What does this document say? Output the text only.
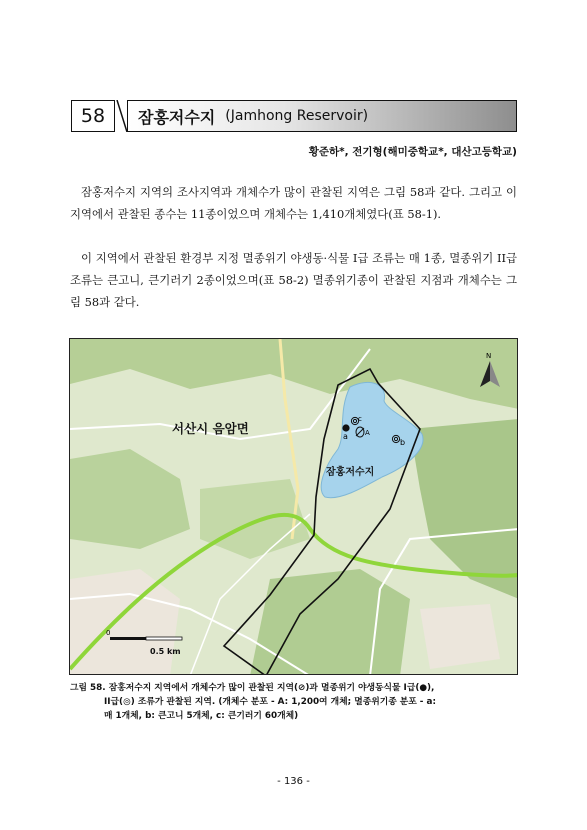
58 잠홍저수지 (Jamhong Reservoir)
황준하*, 전기형(해미중학교*, 대산고등학교)

잠홍저수지 지역의 조사지역과 개체수가 많이 관찰된 지역은 그림 58과 같다. 그리고 이 지역에서 관찰된 종수는 11종이었으며 개체수는 1,410개체였다(표 58-1).

이 지역에서 관찰된 환경부 지정 멸종위기 야생동·식물 I급 조류는 매 1종, 멸종위기 II급 조류는 큰고니, 큰기러기 2종이었으며(표 58-2) 멸종위기종이 관찰된 지점과 개체수는 그림 58과 같다.

a
c
A
b
N
0
서산시 음암면
잠홍저수지
0.5 km
그림 58. 잠홍저수지 지역에서 개체수가 많이 관찰된 지역(⊘)과 멸종위기 야생동식물 I급(●),
II급(◎) 조류가 관찰된 지역. (개체수 분포 - A: 1,200여 개체; 멸종위기종 분포 - a:
매 1개체, b: 큰고니 5개체, c: 큰기러기 60개체)
- 136 -
